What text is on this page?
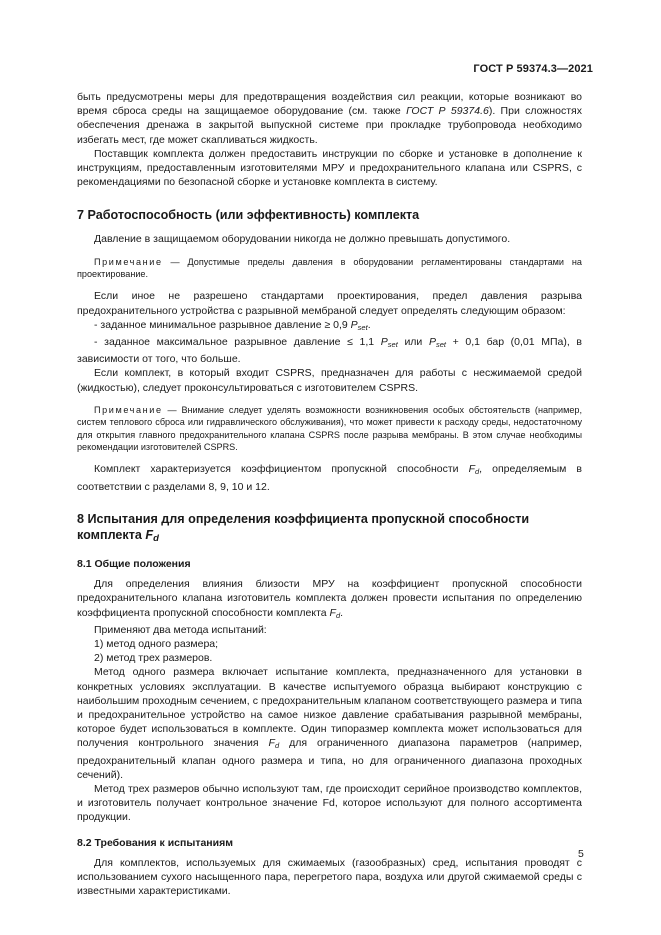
ГОСТ Р 59374.3—2021

быть предусмотрены меры для предотвращения воздействия сил реакции, которые возникают во время сброса среды на защищаемое оборудование (см. также ГОСТ Р 59374.6). При сложностях обеспечения дренажа в закрытой выпускной системе при прокладке трубопровода необходимо избегать мест, где может скапливаться жидкость.

Поставщик комплекта должен предоставить инструкции по сборке и установке в дополнение к инструкциям, предоставленным изготовителями МРУ и предохранительного клапана или CSPRS, с рекомендациями по безопасной сборке и установке комплекта в систему.

7 Работоспособность (или эффективность) комплекта

Давление в защищаемом оборудовании никогда не должно превышать допустимого.

Примечание — Допустимые пределы давления в оборудовании регламентированы стандартами на проектирование.

Если иное не разрешено стандартами проектирования, предел давления разрыва предохранительного устройства с разрывной мембраной следует определять следующим образом:

- заданное минимальное разрывное давление ≥ 0,9 $P_{set}$.

- заданное максимальное разрывное давление ≤ 1,1 $P_{set}$ или $P_{set} + 0,1$ бар (0,01 МПа), в зависимости от того, что больше.

Если комплект, в который входит CSPRS, предназначен для работы с несжимаемой средой (жидкостью), следует проконсультироваться с изготовителем CSPRS.

Примечание — Внимание следует уделять возможности возникновения особых обстоятельств (например, систем теплового сброса или гидравлического обслуживания), что может привести к расходу среды, недостаточному для открытия главного предохранительного клапана CSPRS после разрыва мембраны. В этом случае необходимы рекомендации изготовителей CSPRS.

Комплект характеризуется коэффициентом пропускной способности $F_d$, определяемым в соответствии с разделами 8, 9, 10 и 12.

8 Испытания для определения коэффициента пропускной способности
комплекта $F_d$
8.1 Общие положения

Для определения влияния близости МРУ на коэффициент пропускной способности предохранительного клапана изготовитель комплекта должен провести испытания по определению коэффициента пропускной способности комплекта $F_d$.

Применяют два метода испытаний:

1) метод одного размера;

2) метод трех размеров.

Метод одного размера включает испытание комплекта, предназначенного для установки в конкретных условиях эксплуатации. В качестве испытуемого образца выбирают конструкцию с наибольшим проходным сечением, с предохранительным клапаном соответствующего размера и типа и предохранительное устройство на самое низкое давление срабатывания разрывной мембраны, которое будет использоваться в комплекте. Один типоразмер комплекта может использоваться для получения контрольного значения $F_d$ для ограниченного диапазона параметров (например, предохранительный клапан одного размера и типа, но для ограниченного диапазона проходных сечений).

Метод трех размеров обычно используют там, где происходит серийное производство комплектов, и изготовитель получает контрольное значение Fd, которое используют для полного ассортимента продукции.

8.2 Требования к испытаниям

Для комплектов, используемых для сжимаемых (газообразных) сред, испытания проводят с использованием сухого насыщенного пара, перегретого пара, воздуха или другой сжимаемой среды с известными характеристиками.

5
